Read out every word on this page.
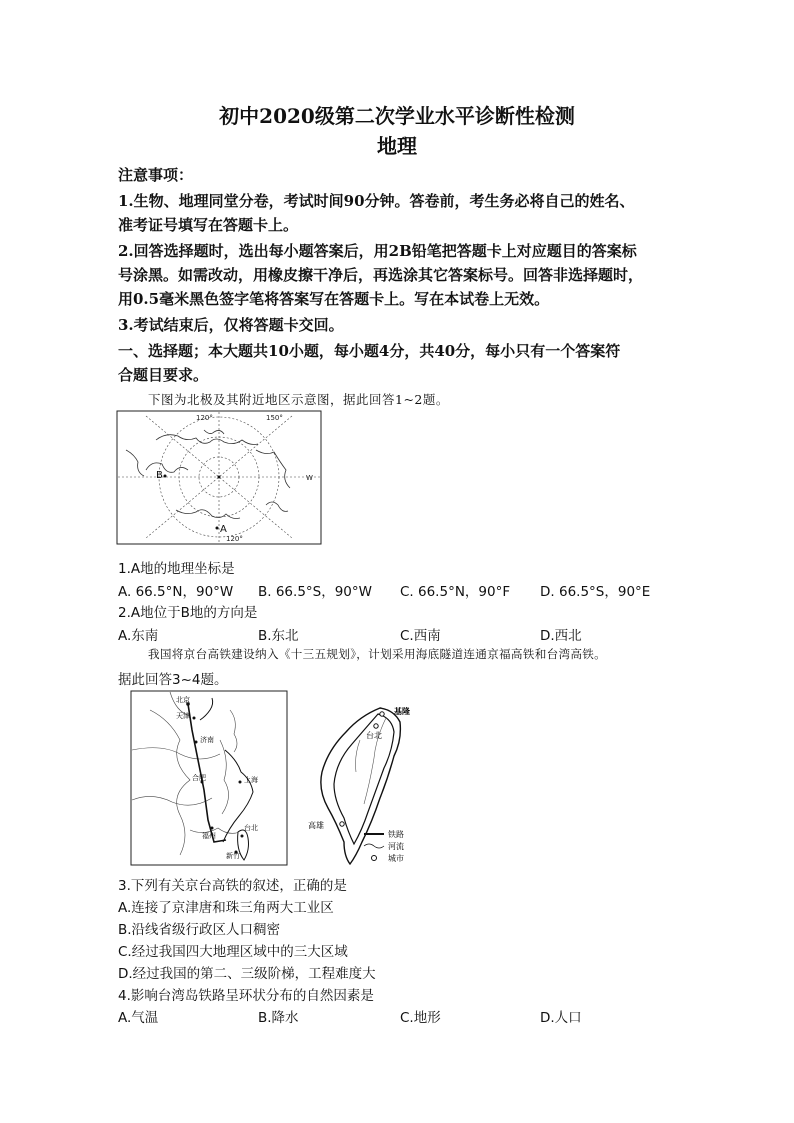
初中2020级第二次学业水平诊断性检测
地理
注意事项：
1.生物、地理同堂分卷，考试时间90分钟。答卷前，考生务必将自己的姓名、
准考证号填写在答题卡上。
2.回答选择题时，选出每小题答案后，用2B铅笔把答题卡上对应题目的答案标
号涂黑。如需改动，用橡皮擦干净后，再选涂其它答案标号。回答非选择题时，
用0.5毫米黑色签字笔将答案写在答题卡上。写在本试卷上无效。
3.考试结束后，仅将答题卡交回。
一、选择题；本大题共10小题，每小题4分，共40分，每小只有一个答案符
合题目要求。
下图为北极及其附近地区示意图，据此回答1~2题。
120°	150°
W
120°
A
B
1.A地的地理坐标是
A. 66.5°N，90°W B. 66.5°S，90°W C. 66.5°N，90°F D. 66.5°S，90°E
2.A地位于B地的方向是
A.东南	B.东北	C.西南	D.西北
我国将京台高铁建设纳入《十三五规划》，计划采用海底隧道连通京福高铁和台湾高铁。
据此回答3~4题。
北京
天津
济南
合肥	上海
福州
台北
新竹
基隆
台北
高雄
铁路
河流
城市
3.下列有关京台高铁的叙述，正确的是
A.连接了京津唐和珠三角两大工业区
B.沿线省级行政区人口稠密
C.经过我国四大地理区域中的三大区域
D.经过我国的第二、三级阶梯，工程难度大
4.影响台湾岛铁路呈环状分布的自然因素是
A.气温	B.降水	C.地形	D.人口
